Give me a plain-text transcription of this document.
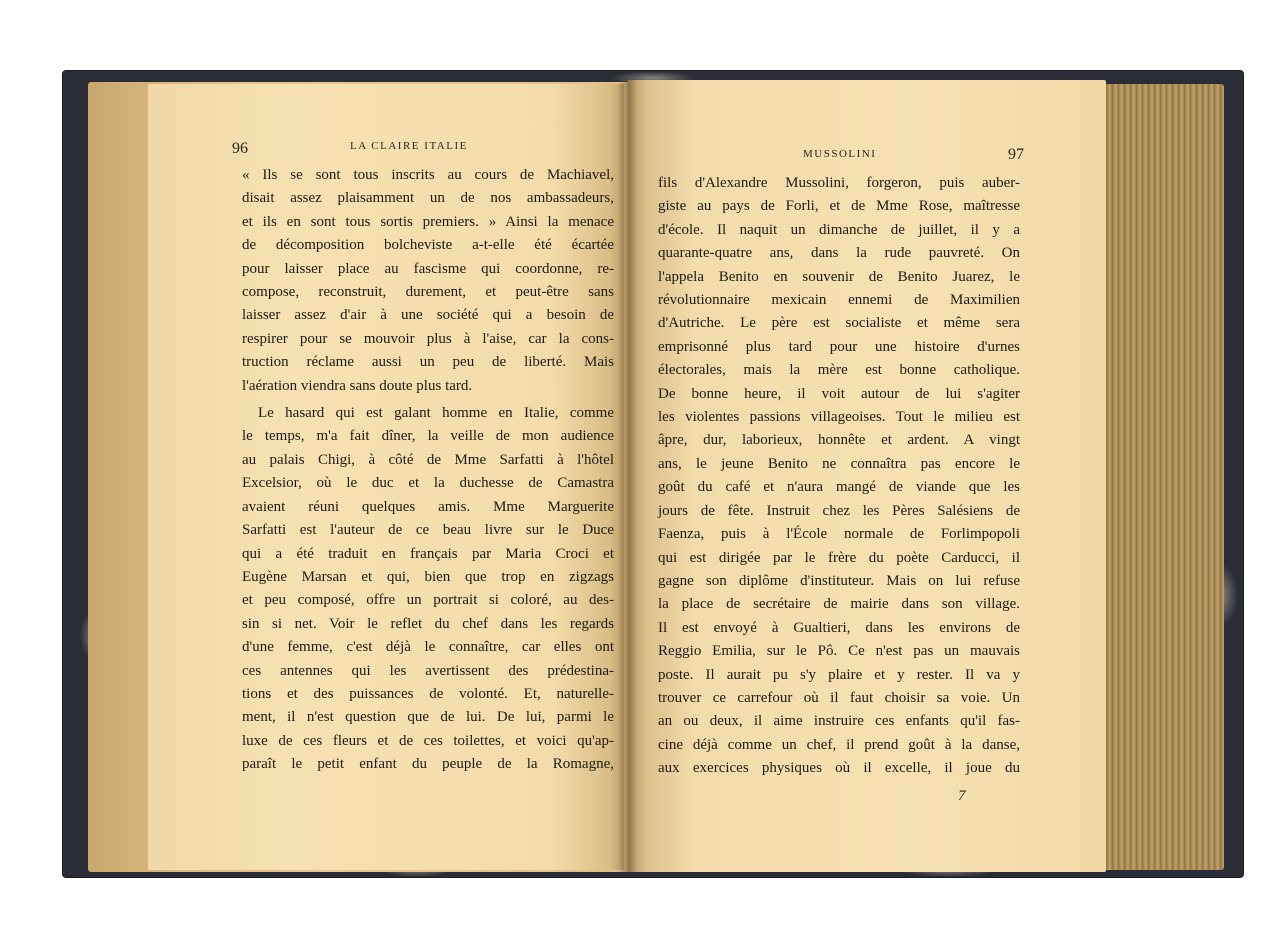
96	LA CLAIRE ITALIE
MUSSOLINI	97
« Ils se sont tous inscrits au cours de Machiavel,
disait assez plaisamment un de nos ambassadeurs,
et ils en sont tous sortis premiers. » Ainsi la menace
de décomposition bolcheviste a-t-elle été écartée
pour laisser place au fascisme qui coordonne, re-
compose, reconstruit, durement, et peut-être sans
laisser assez d'air à une société qui a besoin de
respirer pour se mouvoir plus à l'aise, car la cons-
truction réclame aussi un peu de liberté. Mais
l'aération viendra sans doute plus tard.
Le hasard qui est galant homme en Italie, comme
le temps, m'a fait dîner, la veille de mon audience
au palais Chigi, à côté de Mme Sarfatti à l'hôtel
Excelsior, où le duc et la duchesse de Camastra
avaient réuni quelques amis. Mme Marguerite
Sarfatti est l'auteur de ce beau livre sur le Duce
qui a été traduit en français par Maria Croci et
Eugène Marsan et qui, bien que trop en zigzags
et peu composé, offre un portrait si coloré, au des-
sin si net. Voir le reflet du chef dans les regards
d'une femme, c'est déjà le connaître, car elles ont
ces antennes qui les avertissent des prédestina-
tions et des puissances de volonté. Et, naturelle-
ment, il n'est question que de lui. De lui, parmi le
luxe de ces fleurs et de ces toilettes, et voici qu'ap-
paraît le petit enfant du peuple de la Romagne,
fils d'Alexandre Mussolini, forgeron, puis auber-
giste au pays de Forli, et de Mme Rose, maîtresse
d'école. Il naquit un dimanche de juillet, il y a
quarante-quatre ans, dans la rude pauvreté. On
l'appela Benito en souvenir de Benito Juarez, le
révolutionnaire mexicain ennemi de Maximilien
d'Autriche. Le père est socialiste et même sera
emprisonné plus tard pour une histoire d'urnes
électorales, mais la mère est bonne catholique.
De bonne heure, il voit autour de lui s'agiter
les violentes passions villageoises. Tout le milieu est
âpre, dur, laborieux, honnête et ardent. A vingt
ans, le jeune Benito ne connaîtra pas encore le
goût du café et n'aura mangé de viande que les
jours de fête. Instruit chez les Pères Salésiens de
Faenza, puis à l'École normale de Forlimpopoli
qui est dirigée par le frère du poète Carducci, il
gagne son diplôme d'instituteur. Mais on lui refuse
la place de secrétaire de mairie dans son village.
Il est envoyé à Gualtieri, dans les environs de
Reggio Emilia, sur le Pô. Ce n'est pas un mauvais
poste. Il aurait pu s'y plaire et y rester. Il va y
trouver ce carrefour où il faut choisir sa voie. Un
an ou deux, il aime instruire ces enfants qu'il fas-
cine déjà comme un chef, il prend goût à la danse,
aux exercices physiques où il excelle, il joue du
7
